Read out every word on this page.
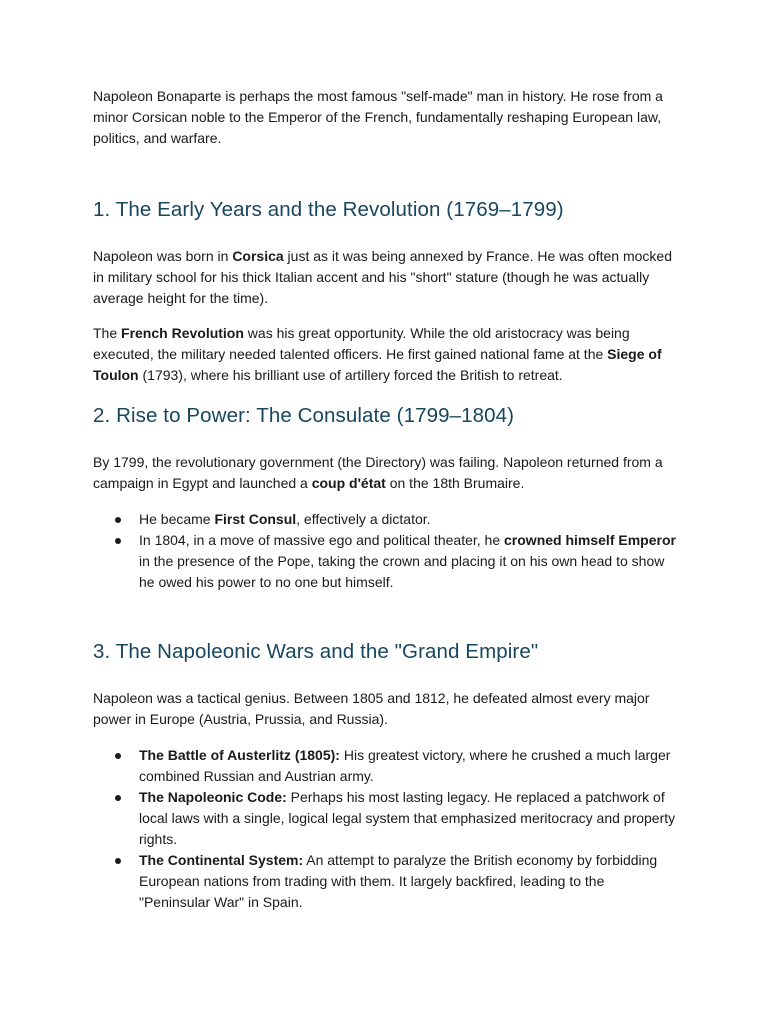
Napoleon Bonaparte is perhaps the most famous "self-made" man in history. He rose from a minor Corsican noble to the Emperor of the French, fundamentally reshaping European law, politics, and warfare.

1. The Early Years and the Revolution (1769–1799)

Napoleon was born in Corsica just as it was being annexed by France. He was often mocked in military school for his thick Italian accent and his "short" stature (though he was actually average height for the time).

The French Revolution was his great opportunity. While the old aristocracy was being executed, the military needed talented officers. He first gained national fame at the Siege of Toulon (1793), where his brilliant use of artillery forced the British to retreat.

2. Rise to Power: The Consulate (1799–1804)

By 1799, the revolutionary government (the Directory) was failing. Napoleon returned from a campaign in Egypt and launched a coup d'état on the 18th Brumaire.

He became First Consul, effectively a dictator.
In 1804, in a move of massive ego and political theater, he crowned himself Emperor in the presence of the Pope, taking the crown and placing it on his own head to show he owed his power to no one but himself.
3. The Napoleonic Wars and the "Grand Empire"

Napoleon was a tactical genius. Between 1805 and 1812, he defeated almost every major power in Europe (Austria, Prussia, and Russia).

The Battle of Austerlitz (1805): His greatest victory, where he crushed a much larger combined Russian and Austrian army.
The Napoleonic Code: Perhaps his most lasting legacy. He replaced a patchwork of local laws with a single, logical legal system that emphasized meritocracy and property rights.
The Continental System: An attempt to paralyze the British economy by forbidding European nations from trading with them. It largely backfired, leading to the "Peninsular War" in Spain.
